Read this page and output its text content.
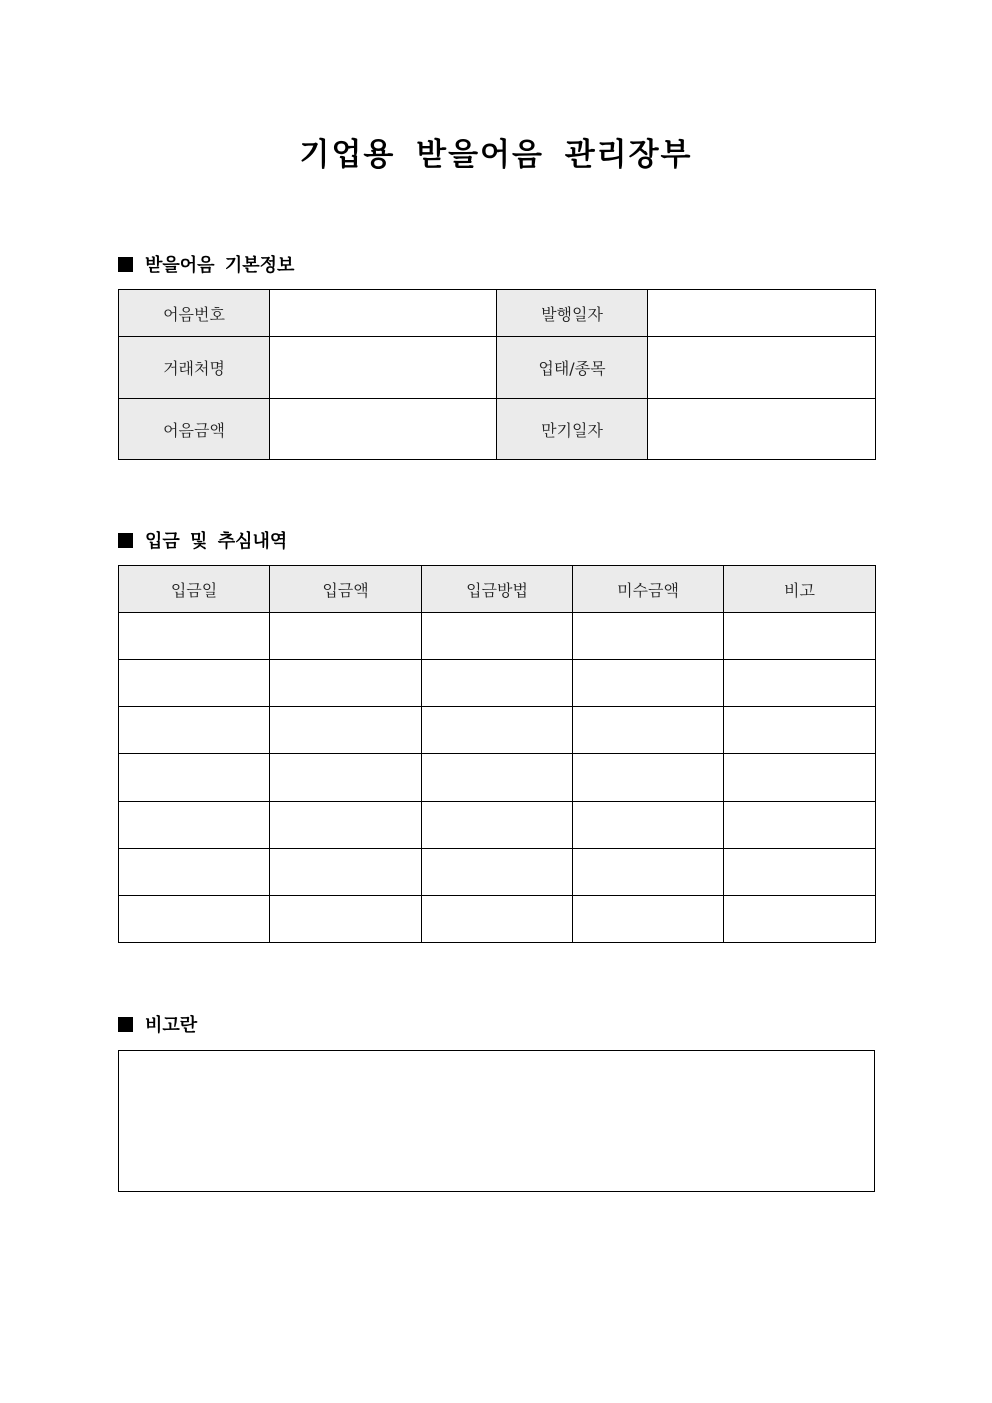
기업용 받을어음 관리장부
받을어음 기본정보
어음번호		발행일자	
거래처명		업태/종목	
어음금액		만기일자	
입금 및 추심내역
입금일	입금액	입금방법	미수금액	비고

비고란
